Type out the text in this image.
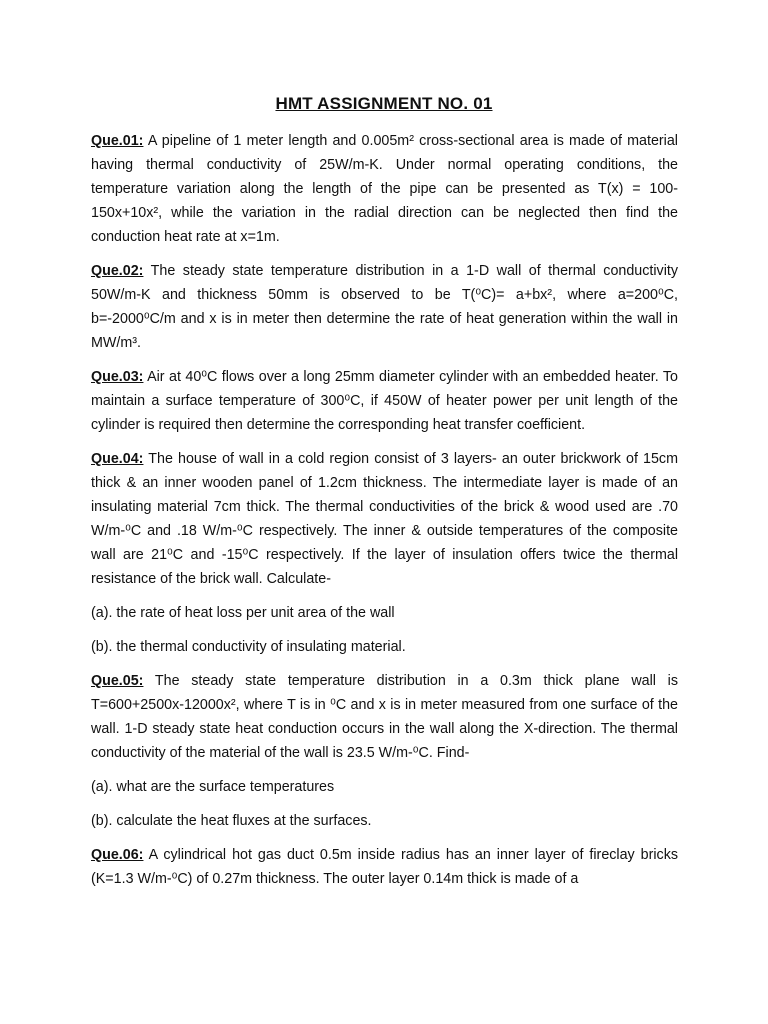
HMT ASSIGNMENT NO. 01

Que.01: A pipeline of 1 meter length and 0.005m² cross-sectional area is made of material having thermal conductivity of 25W/m-K. Under normal operating conditions, the temperature variation along the length of the pipe can be presented as T(x) = 100-150x+10x², while the variation in the radial direction can be neglected then find the conduction heat rate at x=1m.

Que.02: The steady state temperature distribution in a 1-D wall of thermal conductivity 50W/m-K and thickness 50mm is observed to be T(⁰C)= a+bx², where a=200⁰C, b=-2000⁰C/m and x is in meter then determine the rate of heat generation within the wall in MW/m³.

Que.03: Air at 40⁰C flows over a long 25mm diameter cylinder with an embedded heater. To maintain a surface temperature of 300⁰C, if 450W of heater power per unit length of the cylinder is required then determine the corresponding heat transfer coefficient.

Que.04: The house of wall in a cold region consist of 3 layers- an outer brickwork of 15cm thick & an inner wooden panel of 1.2cm thickness. The intermediate layer is made of an insulating material 7cm thick. The thermal conductivities of the brick & wood used are .70 W/m-⁰C and .18 W/m-⁰C respectively. The inner & outside temperatures of the composite wall are 21⁰C and -15⁰C respectively. If the layer of insulation offers twice the thermal resistance of the brick wall. Calculate-

(a). the rate of heat loss per unit area of the wall

(b). the thermal conductivity of insulating material.

Que.05: The steady state temperature distribution in a 0.3m thick plane wall is T=600+2500x-12000x², where T is in ⁰C and x is in meter measured from one surface of the wall. 1-D steady state heat conduction occurs in the wall along the X-direction. The thermal conductivity of the material of the wall is 23.5 W/m-⁰C. Find-

(a). what are the surface temperatures

(b). calculate the heat fluxes at the surfaces.

Que.06: A cylindrical hot gas duct 0.5m inside radius has an inner layer of fireclay bricks (K=1.3 W/m-⁰C) of 0.27m thickness. The outer layer 0.14m thick is made of a
